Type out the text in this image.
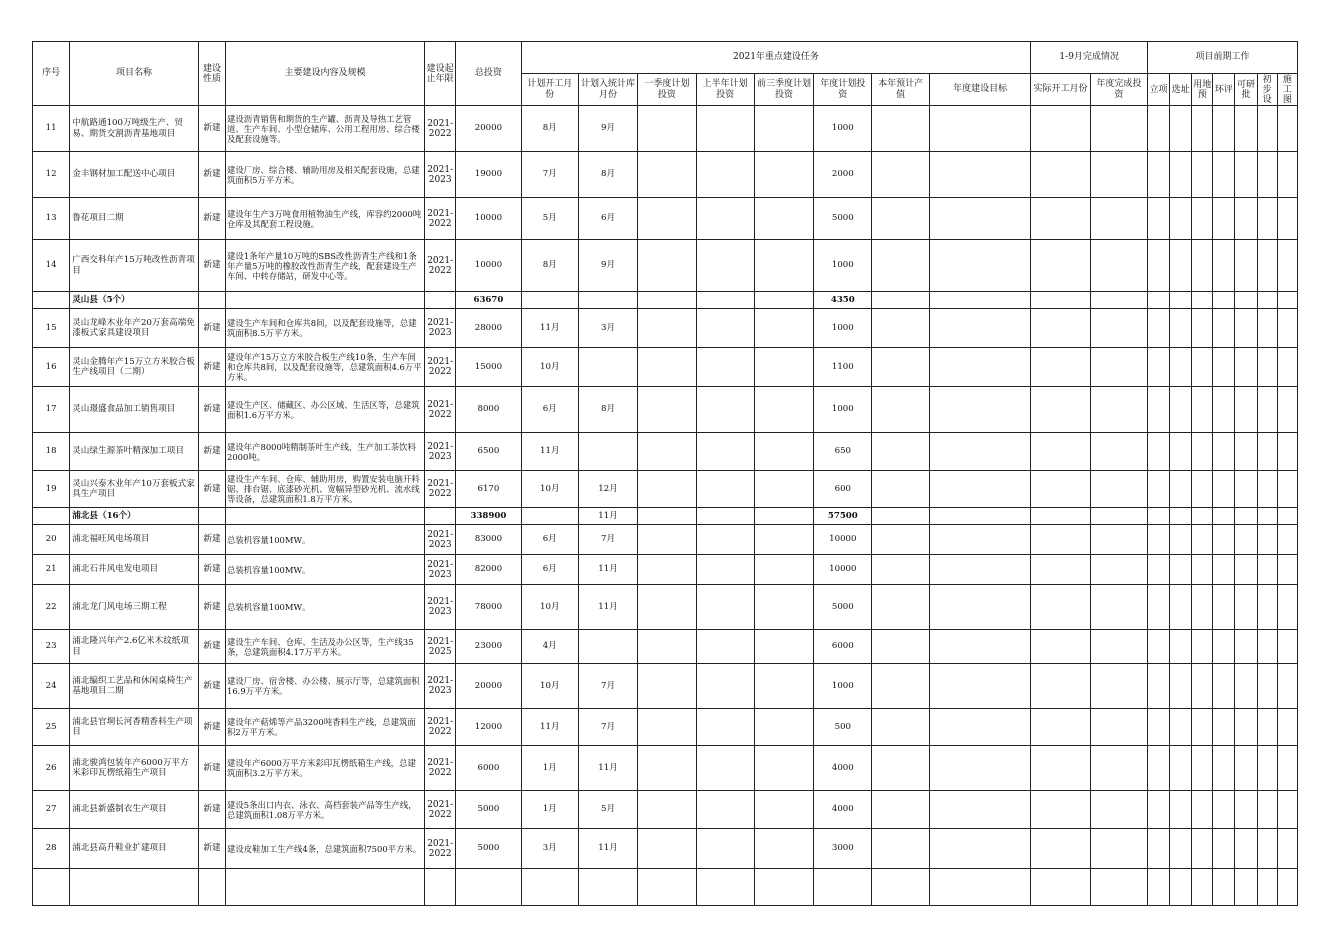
序号	项目名称	建设性质	主要建设内容及规模	建设起止年限	总投资	2021年重点建设任务								1-9月完成情况		项目前期工作						
						计划开工月份	计划入统计库月份	一季度计划投资	上半年计划投资	前三季度计划投资	年度计划投资	本年预计产值	年度建设目标	实际开工月份	年度完成投资	立项	选址	用地预	环评	可研批	初步设	施工图
11	中航路通100万吨级生产、贸易、期货交割沥青基地项目	新建	建设沥青销售和期货的生产罐、沥青及导热工艺管道、生产车间、小型仓储库、公用工程用房、综合楼及配套设施等。	2021-2022	20000	8月	9月				1000											
12	金丰钢材加工配送中心项目	新建	建设厂房、综合楼、辅助用房及相关配套设施，总建筑面积5万平方米。	2021-2023	19000	7月	8月				2000											
13	鲁花项目二期	新建	建设年生产3万吨食用植物油生产线，库容约2000吨仓库及其配套工程设施。	2021-2022	10000	5月	6月				5000											
14	广西交科年产15万吨改性沥青项目	新建	建设1条年产量10万吨的SBS改性沥青生产线和1条年产量5万吨的橡胶改性沥青生产线，配套建设生产车间、中转存储站，研发中心等。	2021-2022	10000	8月	9月				1000											
	灵山县（5个）				63670						4350											
15	灵山龙峰木业年产20万套高端免漆板式家具建设项目	新建	建设生产车间和仓库共8间，以及配套设施等，总建筑面积8.5万平方米。	2021-2023	28000	11月	3月				1000											
16	灵山金腾年产15万立方米胶合板生产线项目（二期）	新建	建设年产15万立方米胶合板生产线10条，生产车间和仓库共8间，以及配套设施等，总建筑面积4.6万平方米。	2021-2022	15000	10月					1100											
17	灵山璟盛食品加工销售项目	新建	建设生产区、储藏区、办公区域、生活区等，总建筑面积1.6万平方米。	2021-2022	8000	6月	8月				1000											
18	灵山绿生源茶叶精深加工项目	新建	建设年产8000吨精制茶叶生产线，生产加工茶饮料2000吨。	2021-2023	6500	11月					650											
19	灵山兴泰木业年产10万套板式家具生产项目	新建	建设生产车间、仓库、辅助用房，购置安装电脑开料锯、排台锯、底漆砂光机、宽幅异型砂光机、流水线等设备，总建筑面积1.8万平方米。	2021-2022	6170	10月	12月				600											
	浦北县（16个）				338900		11月				57500											
20	浦北福旺风电场项目	新建	总装机容量100MW。	2021-2023	83000	6月	7月				10000											
21	浦北石井风电发电项目	新建	总装机容量100MW。	2021-2023	82000	6月	11月				10000											
22	浦北龙门风电场三期工程	新建	总装机容量100MW。	2021-2023	78000	10月	11月				5000											
23	浦北隆兴年产2.6亿米木纹纸项目	新建	建设生产车间、仓库、生活及办公区等，生产线35条，总建筑面积4.17万平方米。	2021-2025	23000	4月					6000											
24	浦北编织工艺品和休闲桌椅生产基地项目二期	新建	建设厂房、宿舍楼、办公楼、展示厅等，总建筑面积16.9万平方米。	2021-2023	20000	10月	7月				1000											
25	浦北县官垌长河香精香料生产项目	新建	建设年产萜烯等产品3200吨香料生产线，总建筑面积2万平方米。	2021-2022	12000	11月	7月				500											
26	浦北骏鸿包装年产6000万平方米彩印瓦楞纸箱生产项目	新建	建设年产6000万平方米彩印瓦楞纸箱生产线，总建筑面积3.2万平方米。	2021-2022	6000	1月	11月				4000											
27	浦北县新盛制衣生产项目	新建	建设5条出口内衣、泳衣、高档套装产品等生产线，总建筑面积1.08万平方米。	2021-2022	5000	1月	5月				4000											
28	浦北县高升鞋业扩建项目	新建	建设皮鞋加工生产线4条，总建筑面积7500平方米。	2021-2022	5000	3月	11月				3000											
